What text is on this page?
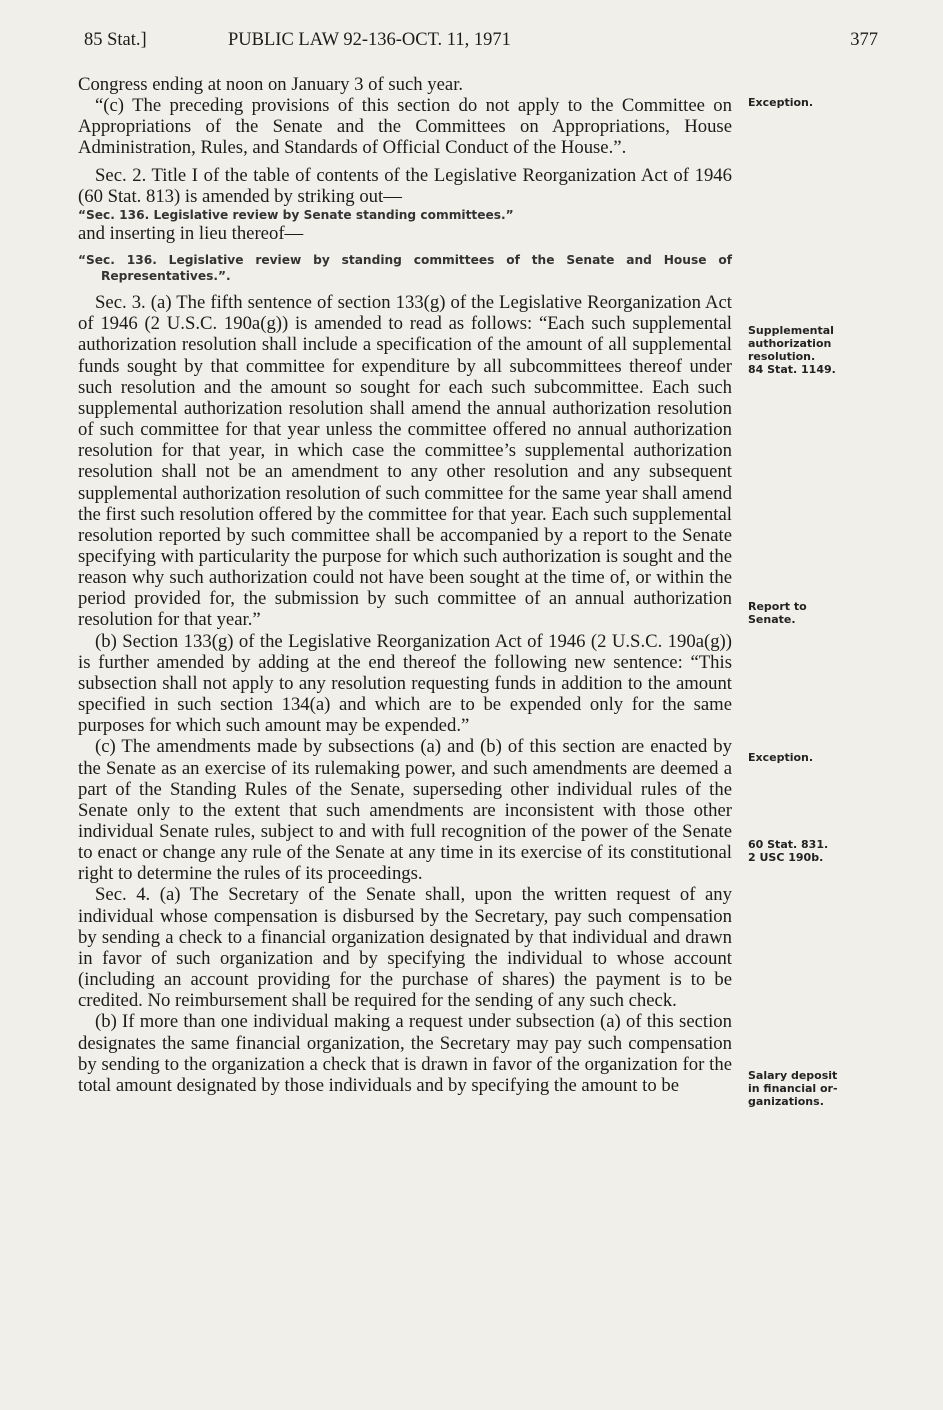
85 Stat.]	PUBLIC LAW 92-136-OCT. 11, 1971	377

Congress ending at noon on January 3 of such year.

“(c) The preceding provisions of this section do not apply to the Committee on Appropriations of the Senate and the Committees on Appropriations, House Administration, Rules, and Standards of Official Conduct of the House.”.

Sec. 2. Title I of the table of contents of the Legislative Reorganization Act of 1946 (60 Stat. 813) is amended by striking out—

“Sec. 136. Legislative review by Senate standing committees.”

and inserting in lieu thereof—

“Sec. 136. Legislative review by standing committees of the Senate and House of Representatives.”.

Sec. 3. (a) The fifth sentence of section 133(g) of the Legislative Reorganization Act of 1946 (2 U.S.C. 190a(g)) is amended to read as follows: “Each such supplemental authorization resolution shall include a specification of the amount of all supplemental funds sought by that committee for expenditure by all subcommittees thereof under such resolution and the amount so sought for each such subcommittee. Each such supplemental authorization resolution shall amend the annual authorization resolution of such committee for that year unless the committee offered no annual authorization resolution for that year, in which case the committee’s supplemental authorization resolution shall not be an amendment to any other resolution and any subsequent supplemental authorization resolution of such committee for the same year shall amend the first such resolution offered by the committee for that year. Each such supplemental resolution reported by such committee shall be accompanied by a report to the Senate specifying with particularity the purpose for which such authorization is sought and the reason why such authorization could not have been sought at the time of, or within the period provided for, the submission by such committee of an annual authorization resolution for that year.”

(b) Section 133(g) of the Legislative Reorganization Act of 1946 (2 U.S.C. 190a(g)) is further amended by adding at the end thereof the following new sentence: “This subsection shall not apply to any resolution requesting funds in addition to the amount specified in such section 134(a) and which are to be expended only for the same purposes for which such amount may be expended.”

(c) The amendments made by subsections (a) and (b) of this section are enacted by the Senate as an exercise of its rulemaking power, and such amendments are deemed a part of the Standing Rules of the Senate, superseding other individual rules of the Senate only to the extent that such amendments are inconsistent with those other individual Senate rules, subject to and with full recognition of the power of the Senate to enact or change any rule of the Senate at any time in its exercise of its constitutional right to determine the rules of its proceedings.

Sec. 4. (a) The Secretary of the Senate shall, upon the written request of any individual whose compensation is disbursed by the Secretary, pay such compensation by sending a check to a financial organization designated by that individual and drawn in favor of such organization and by specifying the individual to whose account (including an account providing for the purchase of shares) the payment is to be credited. No reimbursement shall be required for the sending of any such check.

(b) If more than one individual making a request under subsection (a) of this section designates the same financial organization, the Secretary may pay such compensation by sending to the organization a check that is drawn in favor of the organization for the total amount designated by those individuals and by specifying the amount to be

Exception.
Supplemental
authorization
resolution.
84 Stat. 1149.
Report to
Senate.
Exception.
60 Stat. 831.
2 USC 190b.
Salary deposit
in financial or-
ganizations.
